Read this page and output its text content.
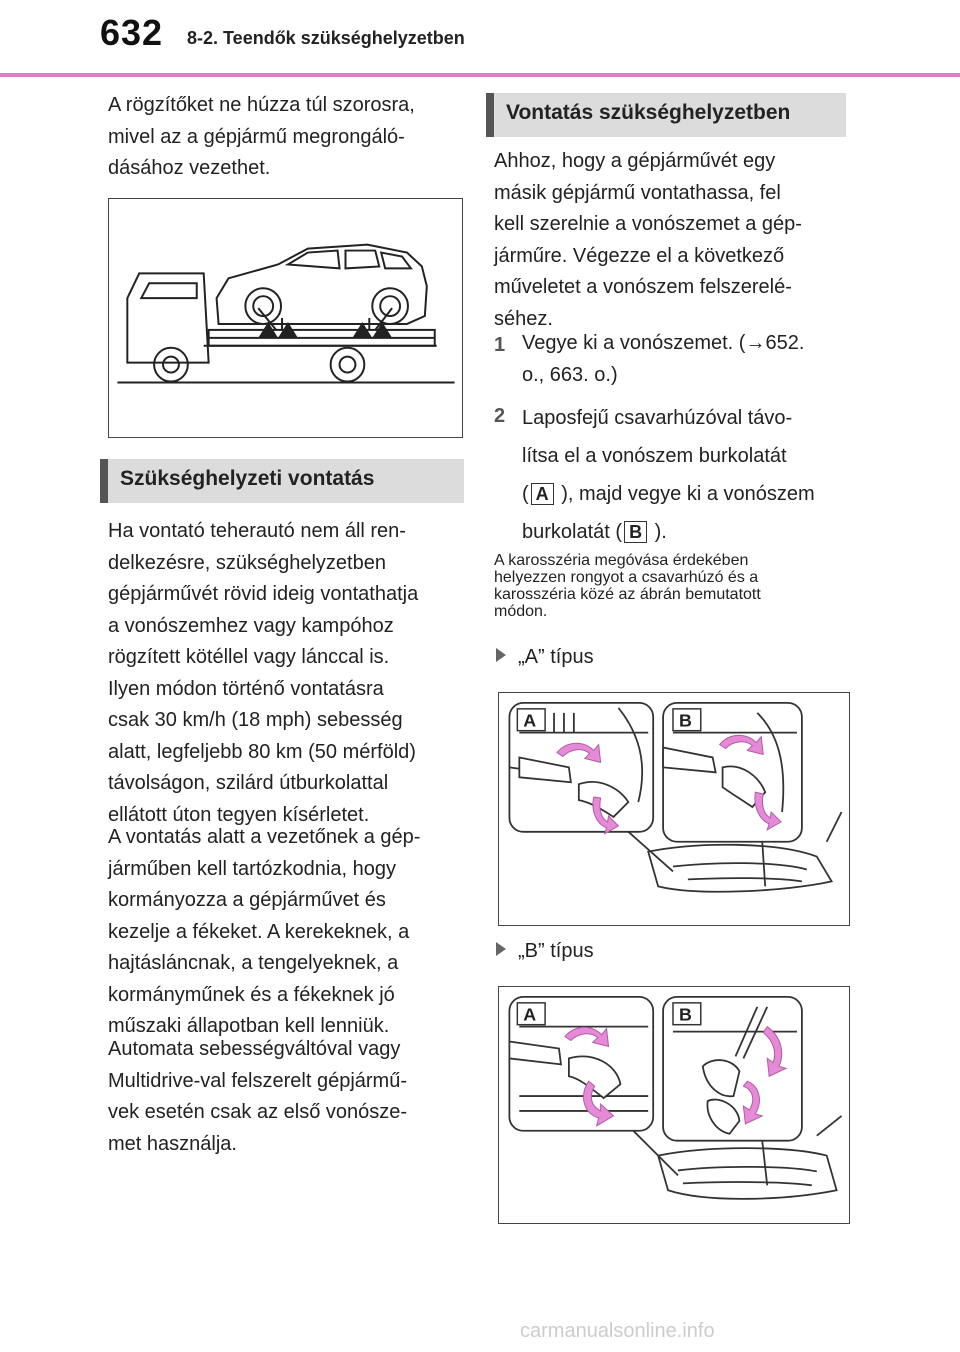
632 8-2. Teendők szükséghelyzetben
A rögzítőket ne húzza túl szorosra,
mivel az a gépjármű megrongáló-
dásához vezethet.
Szükséghelyzeti vontatás
Ha vontató teherautó nem áll ren-
delkezésre, szükséghelyzetben
gépjárművét rövid ideig vontathatja
a vonószemhez vagy kampóhoz
rögzített kötéllel vagy lánccal is.
Ilyen módon történő vontatásra
csak 30 km/h (18 mph) sebesség
alatt, legfeljebb 80 km (50 mérföld)
távolságon, szilárd útburkolattal
ellátott úton tegyen kísérletet.
A vontatás alatt a vezetőnek a gép-
járműben kell tartózkodnia, hogy
kormányozza a gépjárművet és
kezelje a fékeket. A kerekeknek, a
hajtásláncnak, a tengelyeknek, a
kormányműnek és a fékeknek jó
műszaki állapotban kell lenniük.
Automata sebességváltóval vagy
Multidrive-val felszerelt gépjármű-
vek esetén csak az első vonósze-
met használja.
Vontatás szükséghelyzetben
Ahhoz, hogy a gépjárművét egy
másik gépjármű vontathassa, fel
kell szerelnie a vonószemet a gép-
járműre. Végezze el a következő
műveletet a vonószem felszerelé-
séhez.
1 Vegye ki a vonószemet. (→652.
o., 663. o.)
2 Laposfejű csavarhúzóval távo-
lítsa el a vonószem burkolatát
( A ), majd vegye ki a vonószem
burkolatát ( B ).
A karosszéria megóvása érdekében
helyezzen rongyot a csavarhúzó és a
karosszéria közé az ábrán bemutatott
módon.
„A” típus
A	B
„B” típus
A	B
carmanualsonline.info
